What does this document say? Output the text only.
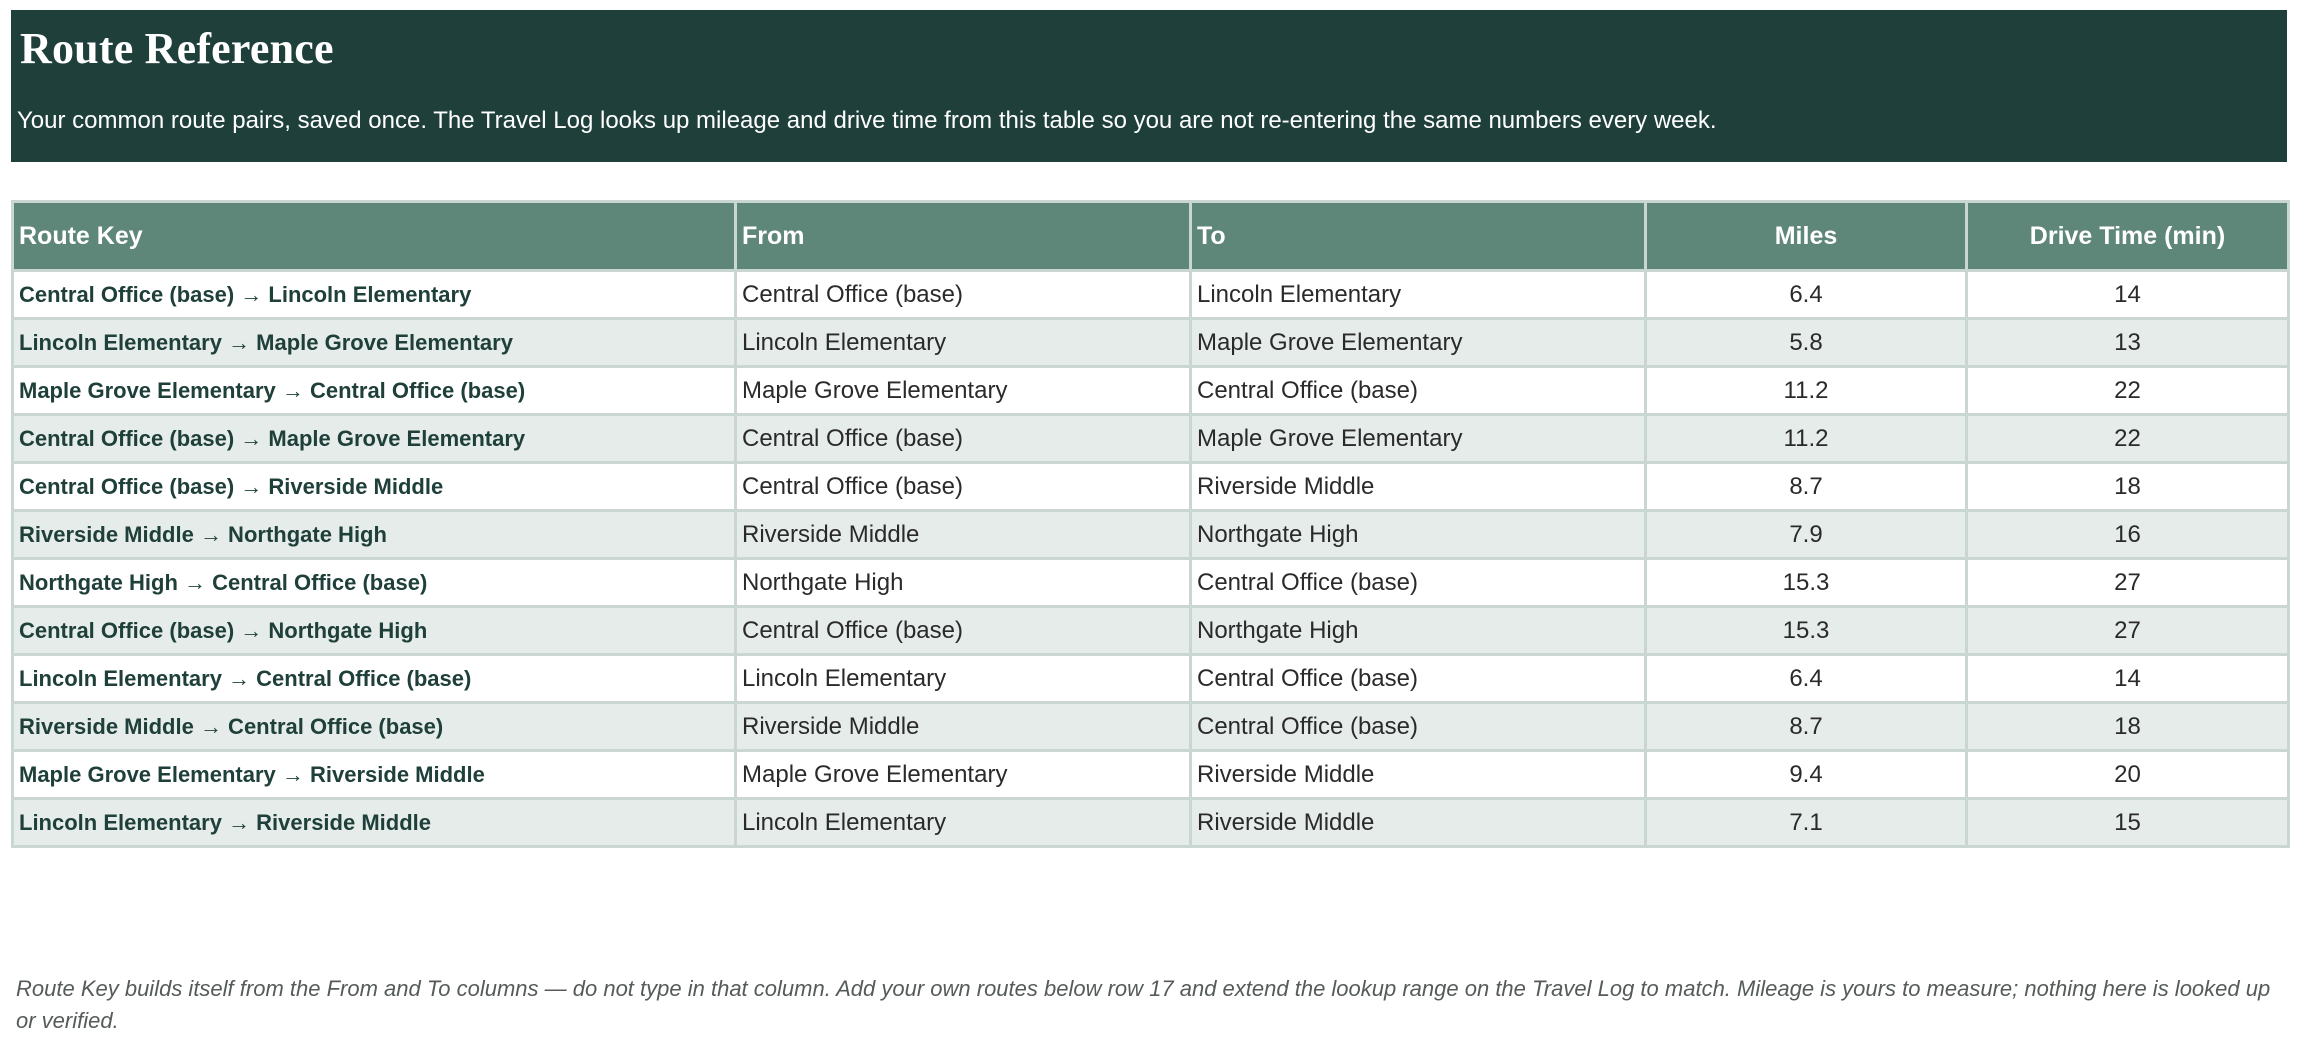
Route Reference

Your common route pairs, saved once. The Travel Log looks up mileage and drive time from this table so you are not re-entering the same numbers every week.

Route Key	From	To	Miles	Drive Time (min)
Central Office (base) → Lincoln Elementary	Central Office (base)	Lincoln Elementary	6.4	14
Lincoln Elementary → Maple Grove Elementary	Lincoln Elementary	Maple Grove Elementary	5.8	13
Maple Grove Elementary → Central Office (base)	Maple Grove Elementary	Central Office (base)	11.2	22
Central Office (base) → Maple Grove Elementary	Central Office (base)	Maple Grove Elementary	11.2	22
Central Office (base) → Riverside Middle	Central Office (base)	Riverside Middle	8.7	18
Riverside Middle → Northgate High	Riverside Middle	Northgate High	7.9	16
Northgate High → Central Office (base)	Northgate High	Central Office (base)	15.3	27
Central Office (base) → Northgate High	Central Office (base)	Northgate High	15.3	27
Lincoln Elementary → Central Office (base)	Lincoln Elementary	Central Office (base)	6.4	14
Riverside Middle → Central Office (base)	Riverside Middle	Central Office (base)	8.7	18
Maple Grove Elementary → Riverside Middle	Maple Grove Elementary	Riverside Middle	9.4	20
Lincoln Elementary → Riverside Middle	Lincoln Elementary	Riverside Middle	7.1	15
Route Key builds itself from the From and To columns — do not type in that column. Add your own routes below row 17 and extend the lookup range on the Travel Log to match. Mileage is yours to measure; nothing here is looked up or verified.
